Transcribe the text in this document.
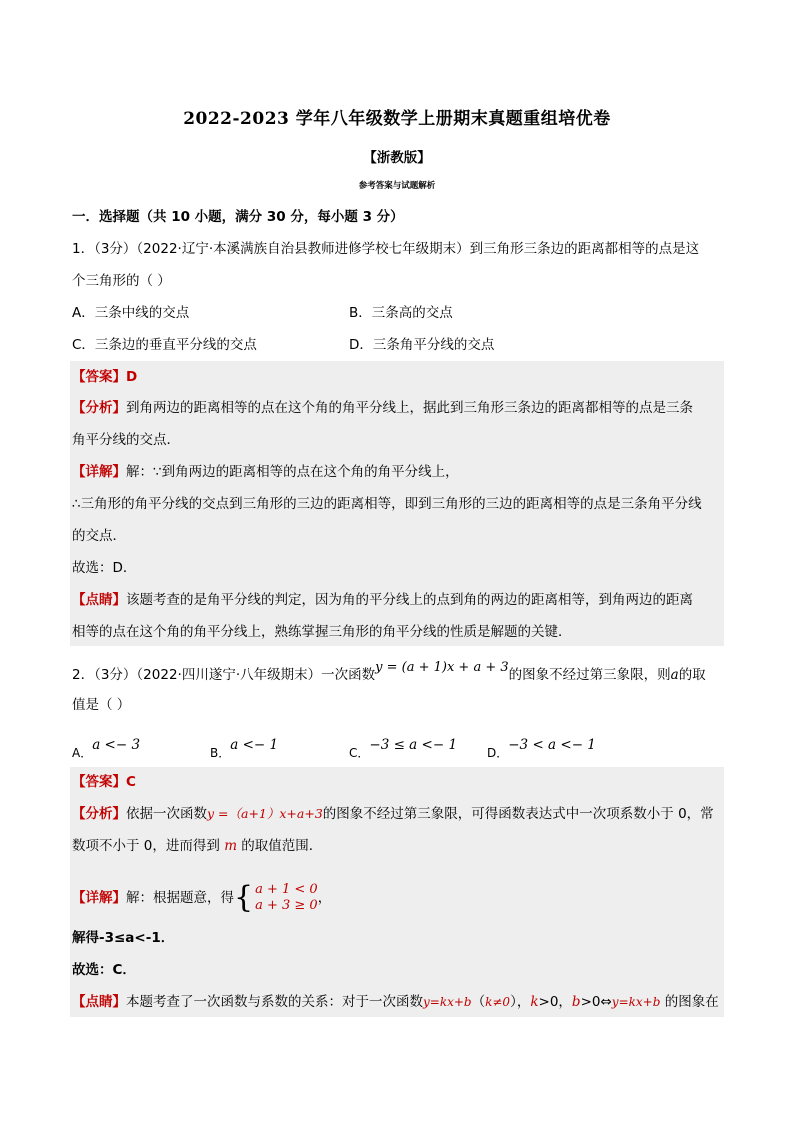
2022-2023 学年八年级数学上册期末真题重组培优卷
【浙教版】
参考答案与试题解析
一．选择题（共 10 小题，满分 30 分，每小题 3 分）
1．（3分）（2022·辽宁·本溪满族自治县教师进修学校七年级期末）到三角形三条边的距离都相等的点是这
个三角形的（ ）
A．三条中线的交点	B．三条高的交点
C．三条边的垂直平分线的交点	D．三条角平分线的交点
【答案】D
【分析】到角两边的距离相等的点在这个角的角平分线上，据此到三角形三条边的距离都相等的点是三条
角平分线的交点．
【详解】解：∵到角两边的距离相等的点在这个角的角平分线上，
∴三角形的角平分线的交点到三角形的三边的距离相等，即到三角形的三边的距离相等的点是三条角平分线
的交点．
故选：D．
【点睛】该题考查的是角平分线的判定，因为角的平分线上的点到角的两边的距离相等，到角两边的距离
相等的点在这个角的角平分线上，熟练掌握三角形的角平分线的性质是解题的关键．
2．（3分）（2022·四川遂宁·八年级期末）一次函数y = (a + 1)x + a + 3的图象不经过第三象限，则a的取
值是（ ）
A．a <− 3	B．a <− 1	C．−3 ≤ a <− 1 D．−3 < a <− 1
【答案】C
【分析】依据一次函数y =（a+1）x+a+3的图象不经过第三象限，可得函数表达式中一次项系数小于 0，常
数项不小于 0，进而得到 m 的取值范围．
【详解】解：根据题意，得{ a + 1 < 0
a + 3 ≥ 0，
解得-3≤a<-1．
故选：C．
【点睛】本题考查了一次函数与系数的关系：对于一次函数y=kx+b（k≠0），k>0，b>0⇔y=kx+b 的图象在
